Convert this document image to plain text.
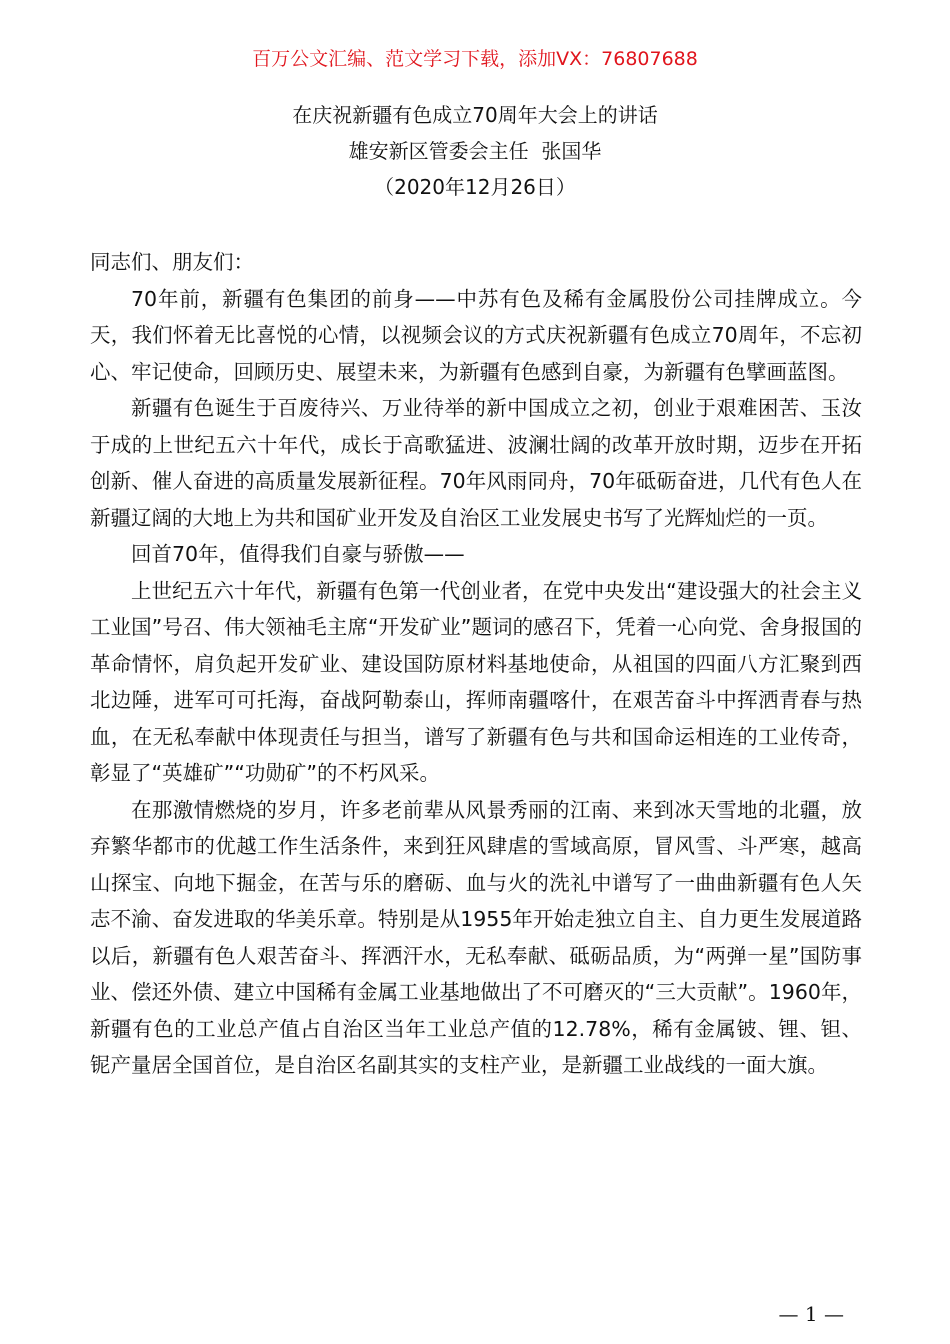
百万公文汇编、范文学习下载，添加VX：76807688
在庆祝新疆有色成立70周年大会上的讲话
雄安新区管委会主任  张国华
（2020年12月26日）

同志们、朋友们：

70年前，新疆有色集团的前身——中苏有色及稀有金属股份公司挂牌成立。今天，我们怀着无比喜悦的心情，以视频会议的方式庆祝新疆有色成立70周年，不忘初心、牢记使命，回顾历史、展望未来，为新疆有色感到自豪，为新疆有色擘画蓝图。

新疆有色诞生于百废待兴、万业待举的新中国成立之初，创业于艰难困苦、玉汝于成的上世纪五六十年代，成长于高歌猛进、波澜壮阔的改革开放时期，迈步在开拓创新、催人奋进的高质量发展新征程。70年风雨同舟，70年砥砺奋进，几代有色人在新疆辽阔的大地上为共和国矿业开发及自治区工业发展史书写了光辉灿烂的一页。

回首70年，值得我们自豪与骄傲——

上世纪五六十年代，新疆有色第一代创业者，在党中央发出“建设强大的社会主义工业国”号召、伟大领袖毛主席“开发矿业”题词的感召下，凭着一心向党、舍身报国的革命情怀，肩负起开发矿业、建设国防原材料基地使命，从祖国的四面八方汇聚到西北边陲，进军可可托海，奋战阿勒泰山，挥师南疆喀什，在艰苦奋斗中挥洒青春与热血，在无私奉献中体现责任与担当，谱写了新疆有色与共和国命运相连的工业传奇，彰显了“英雄矿”“功勋矿”的不朽风采。

在那激情燃烧的岁月，许多老前辈从风景秀丽的江南、来到冰天雪地的北疆，放弃繁华都市的优越工作生活条件，来到狂风肆虐的雪域高原，冒风雪、斗严寒，越高山探宝、向地下掘金，在苦与乐的磨砺、血与火的洗礼中谱写了一曲曲新疆有色人矢志不渝、奋发进取的华美乐章。特别是从1955年开始走独立自主、自力更生发展道路以后，新疆有色人艰苦奋斗、挥洒汗水，无私奉献、砥砺品质，为“两弹一星”国防事业、偿还外债、建立中国稀有金属工业基地做出了不可磨灭的“三大贡献”。1960年，新疆有色的工业总产值占自治区当年工业总产值的12.78%，稀有金属铍、锂、钽、铌产量居全国首位，是自治区名副其实的支柱产业，是新疆工业战线的一面大旗。

— 1 —
